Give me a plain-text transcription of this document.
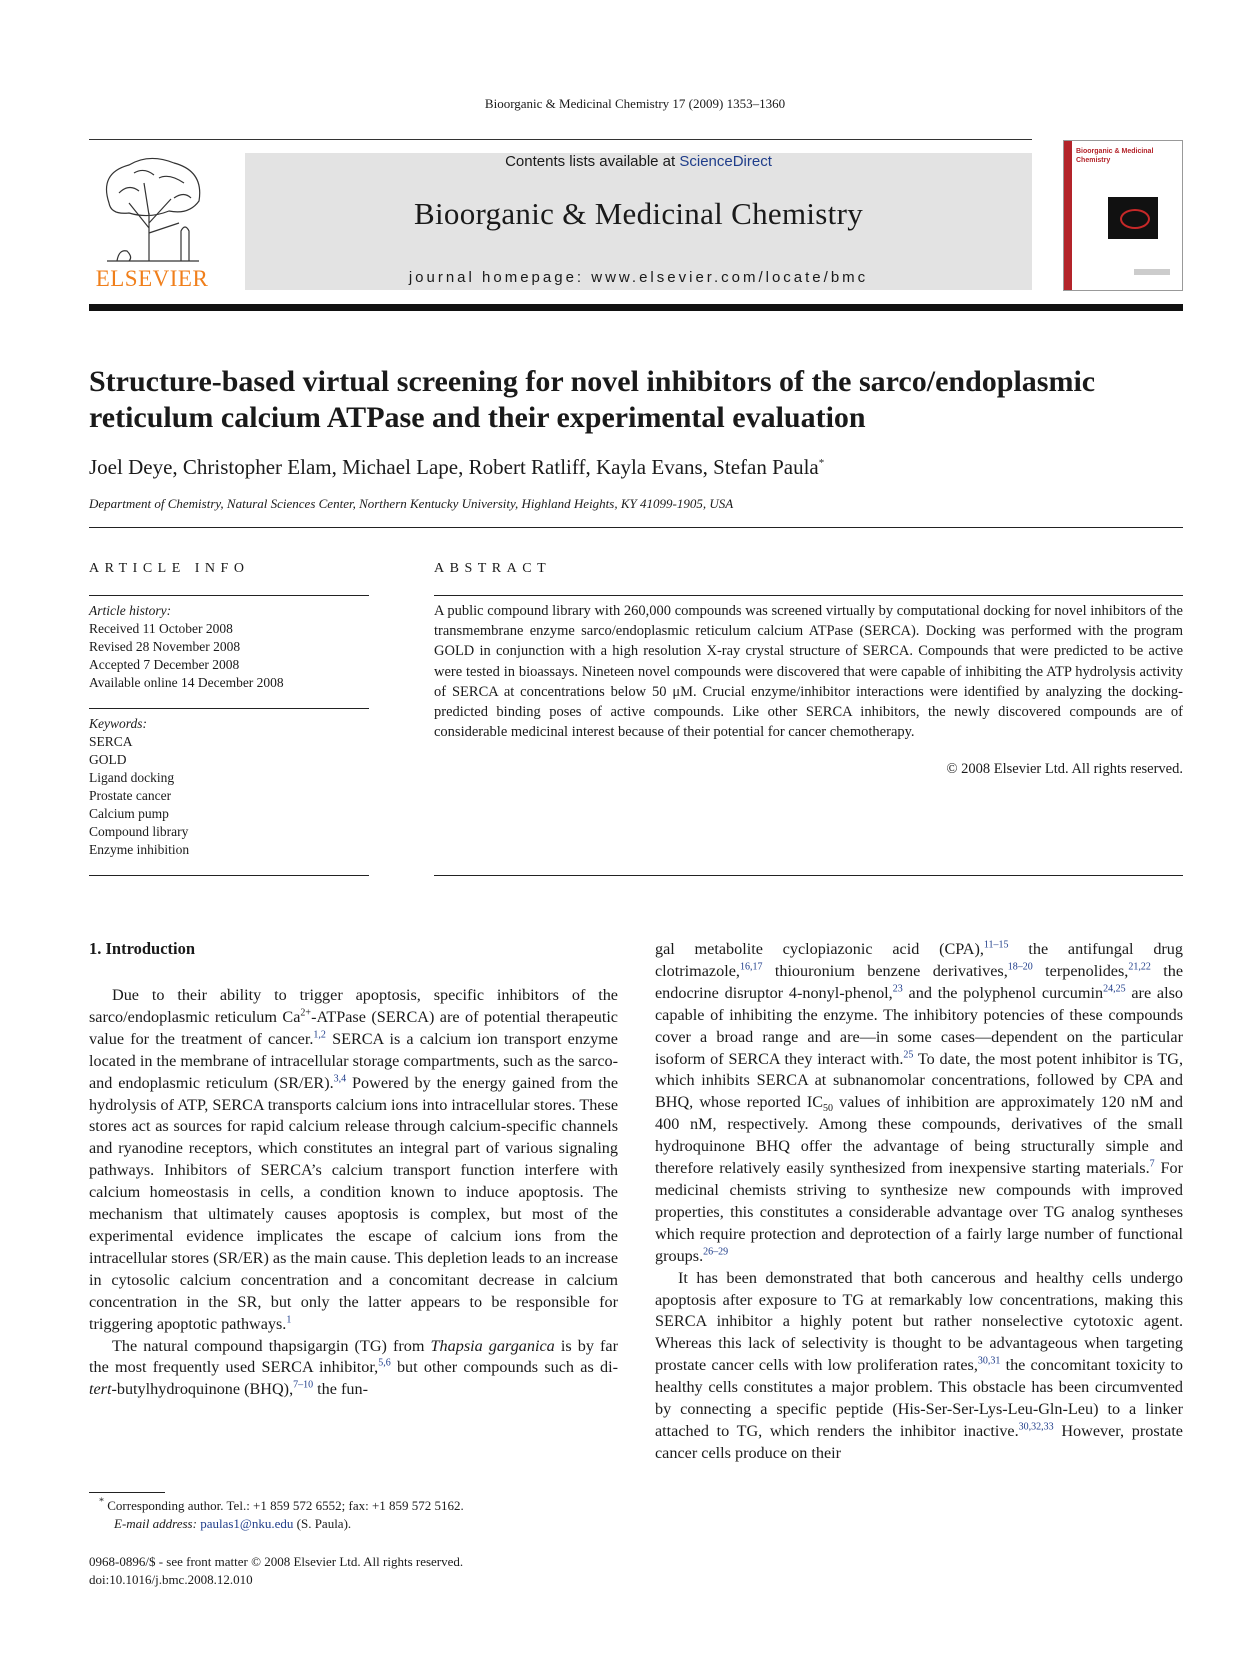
Bioorganic & Medicinal Chemistry 17 (2009) 1353–1360
ELSEVIER
Contents lists available at ScienceDirect
Bioorganic & Medicinal Chemistry
journal homepage: www.elsevier.com/locate/bmc
Bioorganic & Medicinal Chemistry
Structure-based virtual screening for novel inhibitors of the sarco/endoplasmic reticulum calcium ATPase and their experimental evaluation
Joel Deye, Christopher Elam, Michael Lape, Robert Ratliff, Kayla Evans, Stefan Paula*
Department of Chemistry, Natural Sciences Center, Northern Kentucky University, Highland Heights, KY 41099-1905, USA
ARTICLE INFO
Article history:
Received 11 October 2008
Revised 28 November 2008
Accepted 7 December 2008
Available online 14 December 2008
Keywords:
SERCA
GOLD
Ligand docking
Prostate cancer
Calcium pump
Compound library
Enzyme inhibition
ABSTRACT
A public compound library with 260,000 compounds was screened virtually by computational docking for novel inhibitors of the transmembrane enzyme sarco/endoplasmic reticulum calcium ATPase (SERCA). Docking was performed with the program GOLD in conjunction with a high resolution X-ray crystal structure of SERCA. Compounds that were predicted to be active were tested in bioassays. Nineteen novel compounds were discovered that were capable of inhibiting the ATP hydrolysis activity of SERCA at concentrations below 50 μM. Crucial enzyme/inhibitor interactions were identified by analyzing the docking-predicted binding poses of active compounds. Like other SERCA inhibitors, the newly discovered compounds are of considerable medicinal interest because of their potential for cancer chemotherapy.
© 2008 Elsevier Ltd. All rights reserved.
1. Introduction

Due to their ability to trigger apoptosis, specific inhibitors of the sarco/endoplasmic reticulum $Ca^{2+}$-ATPase (SERCA) are of potential therapeutic value for the treatment of cancer.$^{1,2}$ SERCA is a calcium ion transport enzyme located in the membrane of intracellular storage compartments, such as the sarco- and endoplasmic reticulum (SR/ER).$^{3,4}$ Powered by the energy gained from the hydrolysis of ATP, SERCA transports calcium ions into intracellular stores. These stores act as sources for rapid calcium release through calcium-specific channels and ryanodine receptors, which constitutes an integral part of various signaling pathways. Inhibitors of SERCA’s calcium transport function interfere with calcium homeostasis in cells, a condition known to induce apoptosis. The mechanism that ultimately causes apoptosis is complex, but most of the experimental evidence implicates the escape of calcium ions from the intracellular stores (SR/ER) as the main cause. This depletion leads to an increase in cytosolic calcium concentration and a concomitant decrease in calcium concentration in the SR, but only the latter appears to be responsible for triggering apoptotic pathways.$^1$

The natural compound thapsigargin (TG) from Thapsia garganica is by far the most frequently used SERCA inhibitor,$^{5,6}$ but other compounds such as di-tert-butylhydroquinone (BHQ),$^{7-10}$ the fun-

gal metabolite cyclopiazonic acid (CPA),$^{11-15}$ the antifungal drug clotrimazole,$^{16,17}$ thiouronium benzene derivatives,$^{18-20}$ terpenolides,$^{21,22}$ the endocrine disruptor 4-nonyl-phenol,$^{23}$ and the polyphenol curcumin$^{24,25}$ are also capable of inhibiting the enzyme. The inhibitory potencies of these compounds cover a broad range and are—in some cases—dependent on the particular isoform of SERCA they interact with.$^{25}$ To date, the most potent inhibitor is TG, which inhibits SERCA at subnanomolar concentrations, followed by CPA and BHQ, whose reported $IC_{50}$ values of inhibition are approximately 120 nM and 400 nM, respectively. Among these compounds, derivatives of the small hydroquinone BHQ offer the advantage of being structurally simple and therefore relatively easily synthesized from inexpensive starting materials.$^7$ For medicinal chemists striving to synthesize new compounds with improved properties, this constitutes a considerable advantage over TG analog syntheses which require protection and deprotection of a fairly large number of functional groups.$^{26-29}$

It has been demonstrated that both cancerous and healthy cells undergo apoptosis after exposure to TG at remarkably low concentrations, making this SERCA inhibitor a highly potent but rather nonselective cytotoxic agent. Whereas this lack of selectivity is thought to be advantageous when targeting prostate cancer cells with low proliferation rates,$^{30,31}$ the concomitant toxicity to healthy cells constitutes a major problem. This obstacle has been circumvented by connecting a specific peptide (His-Ser-Ser-Lys-Leu-Gln-Leu) to a linker attached to TG, which renders the inhibitor inactive.$^{30,32,33}$ However, prostate cancer cells produce on their

* Corresponding author. Tel.: +1 859 572 6552; fax: +1 859 572 5162.
E-mail address: paulas1@nku.edu (S. Paula).
0968-0896/$ - see front matter © 2008 Elsevier Ltd. All rights reserved.
doi:10.1016/j.bmc.2008.12.010
